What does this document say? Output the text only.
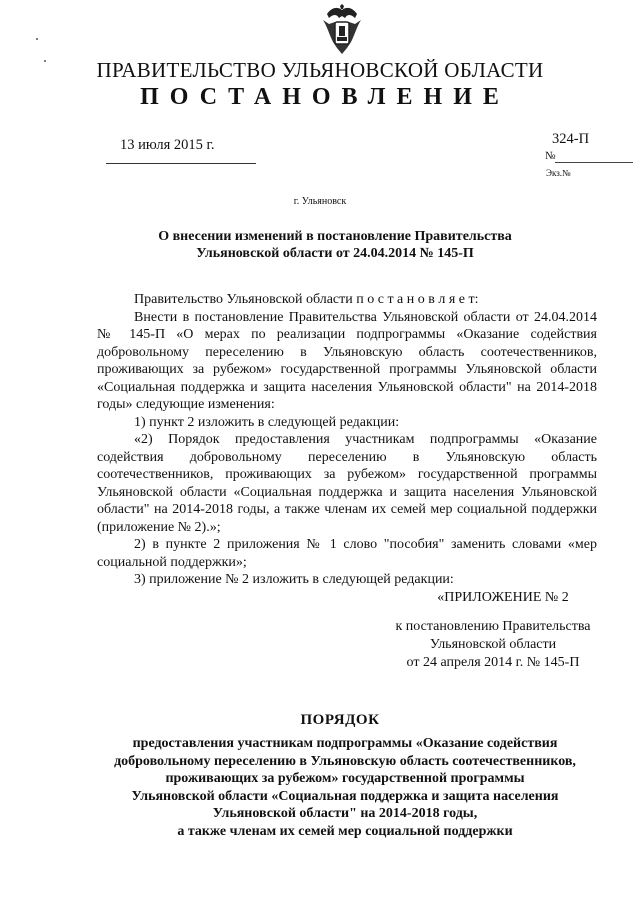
ПРАВИТЕЛЬСТВО УЛЬЯНОВСКОЙ ОБЛАСТИ
ПОСТАНОВЛЕНИЕ
13 июля 2015 г.	324-П
№
Экз.№
г. Ульяновск
О внесении изменений в постановление Правительства
Ульяновской области от 24.04.2014 № 145-П

Правительство Ульяновской области п о с т а н о в л я е т:

Внести в постановление Правительства Ульяновской области от 24.04.2014 № 145-П «О мерах по реализации подпрограммы «Оказание содействия добровольному переселению в Ульяновскую область соотечественников, проживающих за рубежом» государственной программы Ульяновской области «Социальная поддержка и защита населения Ульяновской области" на 2014-2018 годы» следующие изменения:

1) пункт 2 изложить в следующей редакции:

«2) Порядок предоставления участникам подпрограммы «Оказание содействия добровольному переселению в Ульяновскую область соотечественников, проживающих за рубежом» государственной программы Ульяновской области «Социальная поддержка и защита населения Ульяновской области" на 2014-2018 годы, а также членам их семей мер социальной поддержки (приложение № 2).»;

2) в пункте 2 приложения № 1 слово "пособия" заменить словами «мер социальной поддержки»;

3) приложение № 2 изложить в следующей редакции:

«ПРИЛОЖЕНИЕ № 2
к постановлению Правительства
Ульяновской области
от 24 апреля 2014 г. № 145-П
ПОРЯДОК
предоставления участникам подпрограммы «Оказание содействия
добровольному переселению в Ульяновскую область соотечественников,
проживающих за рубежом» государственной программы
Ульяновской области «Социальная поддержка и защита населения
Ульяновской области" на 2014-2018 годы,
а также членам их семей мер социальной поддержки
